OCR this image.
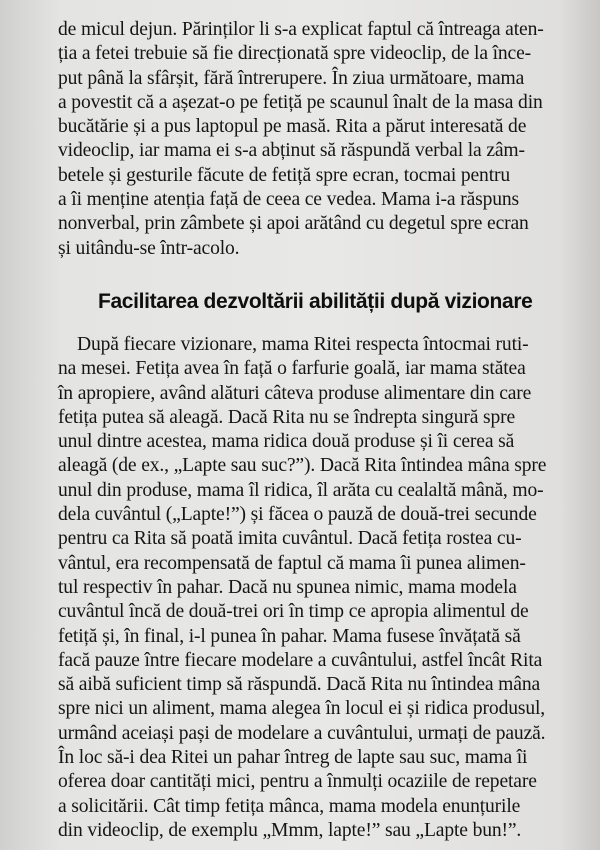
de micul dejun. Părinților li s-a explicat faptul că întreaga aten-
ția a fetei trebuie să fie direcționată spre videoclip, de la înce-
put până la sfârșit, fără întrerupere. În ziua următoare, mama
a povestit că a așezat-o pe fetiță pe scaunul înalt de la masa din
bucătărie și a pus laptopul pe masă. Rita a părut interesată de
videoclip, iar mama ei s-a abținut să răspundă verbal la zâm-
betele și gesturile făcute de fetiță spre ecran, tocmai pentru
a îi menține atenția față de ceea ce vedea. Mama i-a răspuns
nonverbal, prin zâmbete și apoi arătând cu degetul spre ecran
și uitându-se într-acolo.
Facilitarea dezvoltării abilității după vizionare
După fiecare vizionare, mama Ritei respecta întocmai ruti-
na mesei. Fetița avea în față o farfurie goală, iar mama stătea
în apropiere, având alături câteva produse alimentare din care
fetița putea să aleagă. Dacă Rita nu se îndrepta singură spre
unul dintre acestea, mama ridica două produse și îi cerea să
aleagă (de ex., „Lapte sau suc?”). Dacă Rita întindea mâna spre
unul din produse, mama îl ridica, îl arăta cu cealaltă mână, mo-
dela cuvântul („Lapte!”) și făcea o pauză de două-trei secunde
pentru ca Rita să poată imita cuvântul. Dacă fetița rostea cu-
vântul, era recompensată de faptul că mama îi punea alimen-
tul respectiv în pahar. Dacă nu spunea nimic, mama modela
cuvântul încă de două-trei ori în timp ce apropia alimentul de
fetiță și, în final, i-l punea în pahar. Mama fusese învățată să
facă pauze între fiecare modelare a cuvântului, astfel încât Rita
să aibă suficient timp să răspundă. Dacă Rita nu întindea mâna
spre nici un aliment, mama alegea în locul ei și ridica produsul,
urmând aceiași pași de modelare a cuvântului, urmați de pauză.
În loc să-i dea Ritei un pahar întreg de lapte sau suc, mama îi
oferea doar cantități mici, pentru a înmulți ocaziile de repetare
a solicitării. Cât timp fetița mânca, mama modela enunțurile
din videoclip, de exemplu „Mmm, lapte!” sau „Lapte bun!”.
